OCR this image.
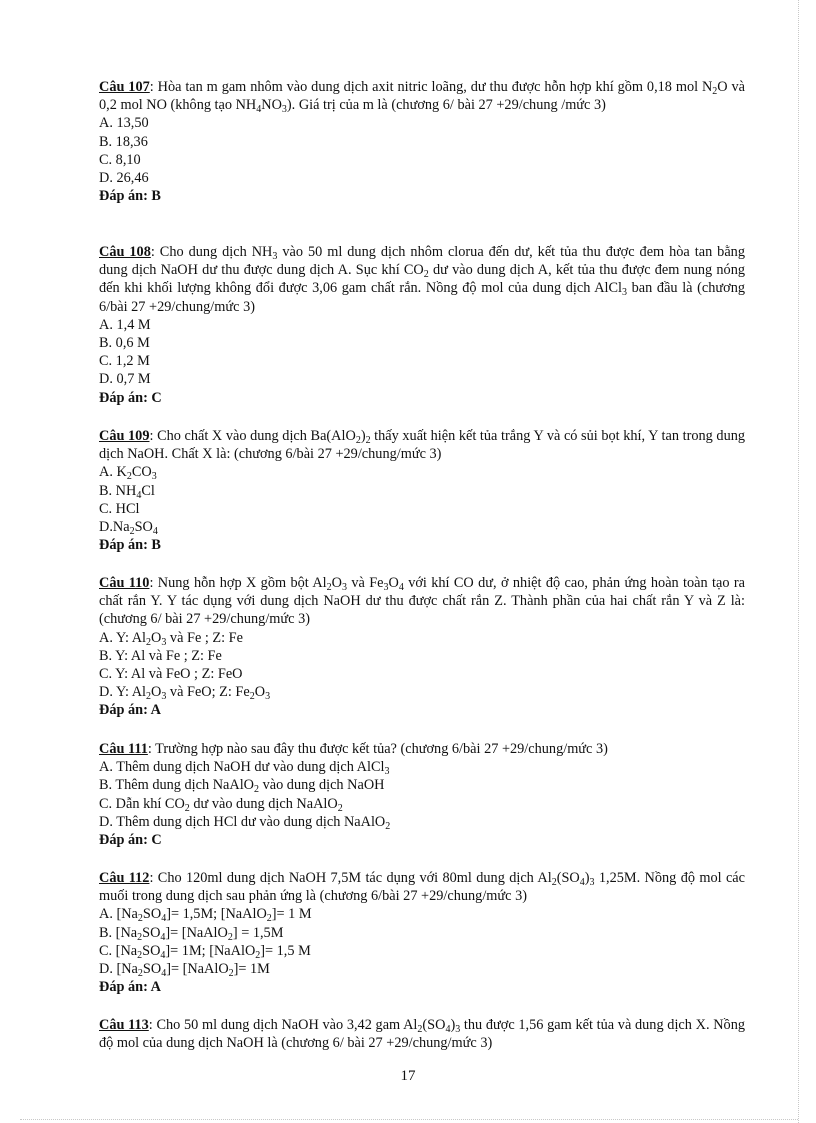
Câu 107: Hòa tan m gam nhôm vào dung dịch axit nitric loãng, dư thu được hỗn hợp khí gồm 0,18 mol $N_2O$ và 0,2 mol NO (không tạo $NH_4NO_3$). Giá trị của m là (chương 6/ bài 27 +29/chung /mức 3)

A. 13,50

B. 18,36

C. 8,10

D. 26,46

Đáp án: B

Câu 108: Cho dung dịch $NH_3$ vào 50 ml dung dịch nhôm clorua đến dư, kết tủa thu được đem hòa tan bằng dung dịch NaOH dư thu được dung dịch A. Sục khí $CO_2$ dư vào dung dịch A, kết tủa thu được đem nung nóng đến khi khối lượng không đổi được 3,06 gam chất rắn. Nồng độ mol của dung dịch AlCl$_3$ ban đầu là (chương 6/bài 27 +29/chung/mức 3)

A. 1,4 M

B. 0,6 M

C. 1,2 M

D. 0,7 M

Đáp án: C

Câu 109: Cho chất X vào dung dịch $Ba(AlO_2)_2$ thấy xuất hiện kết tủa trắng Y và có sủi bọt khí, Y tan trong dung dịch NaOH. Chất X là: (chương 6/bài 27 +29/chung/mức 3)

A. $K_2CO_3$

B. $NH_4Cl$

C. HCl

$D.Na_2SO_4$

Đáp án: B

Câu 110: Nung hỗn hợp X gồm bột $Al_2O_3$ và $Fe_3O_4$ với khí CO dư, ở nhiệt độ cao, phản ứng hoàn toàn tạo ra chất rắn Y. Y tác dụng với dung dịch NaOH dư thu được chất rắn Z. Thành phần của hai chất rắn Y và Z là: (chương 6/ bài 27 +29/chung/mức 3)

A. Y: $Al_2O_3$ và Fe ; Z: Fe

B. Y: Al và Fe ; Z: Fe

C. Y: Al và FeO ; Z: FeO

D. Y: $Al_2O_3$ và FeO; Z: $Fe_2O_3$

Đáp án: A

Câu 111: Trường hợp nào sau đây thu được kết tủa? (chương 6/bài 27 +29/chung/mức 3)

A. Thêm dung dịch NaOH dư vào dung dịch AlCl$_3$

B. Thêm dung dịch NaAlO$_2$ vào dung dịch NaOH

C. Dẫn khí $CO_2$ dư vào dung dịch NaAlO$_2$

D. Thêm dung dịch HCl dư vào dung dịch NaAlO$_2$

Đáp án: C

Câu 112: Cho 120ml dung dịch NaOH 7,5M tác dụng với 80ml dung dịch $Al_2(SO_4)_3$ 1,25M. Nồng độ mol các muối trong dung dịch sau phản ứng là (chương 6/bài 27 +29/chung/mức 3)

A. $[Na_2SO_4]= 1,5M$; [NaAlO$_2$]= 1 M

B. $[Na_2SO_4]=$ [NaAlO$_2$] = 1,5M

C. $[Na_2SO_4]= 1M$; [NaAlO$_2$]= 1,5 M

D. $[Na_2SO_4]=$ [NaAlO$_2$]= 1M

Đáp án: A

Câu 113: Cho 50 ml dung dịch NaOH vào 3,42 gam $Al_2(SO_4)_3$ thu được 1,56 gam kết tủa và dung dịch X. Nồng độ mol của dung dịch NaOH là (chương 6/ bài 27 +29/chung/mức 3)

17
